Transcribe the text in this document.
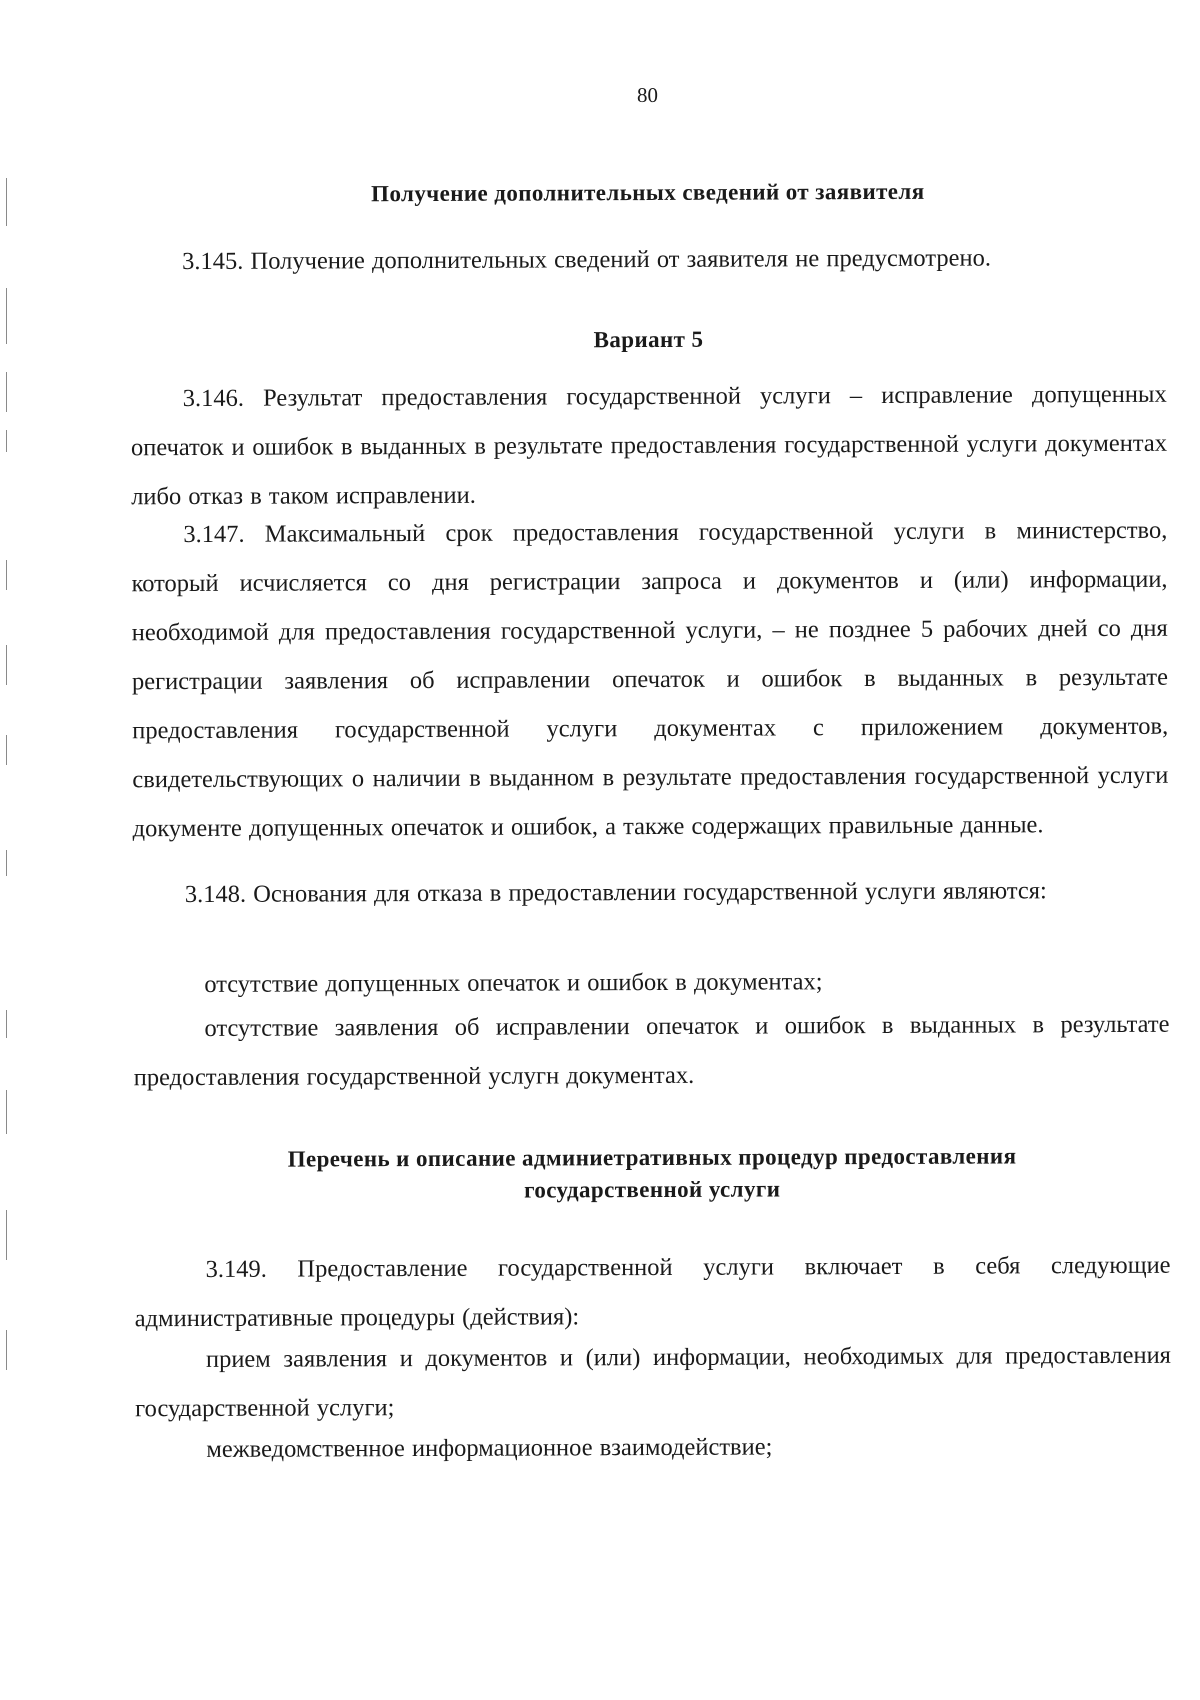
80
Получение дополнительных сведений от заявителя

3.145. Получение дополнительных сведений от заявителя не предусмотрено.

Вариант 5

3.146. Результат предоставления государственной услуги – исправление допущенных опечаток и ошибок в выданных в результате предоставления государственной услуги документах либо отказ в таком исправлении.

3.147. Максимальный срок предоставления государственной услуги в министерство, который исчисляется со дня регистрации запроса и документов и (или) информации, необходимой для предоставления государственной услуги, – не позднее 5 рабочих дней со дня регистрации заявления об исправлении опечаток и ошибок в выданных в результате предоставления государственной услуги документах с приложением документов, свидетельствующих о наличии в выданном в результате предоставления государственной услуги документе допущенных опечаток и ошибок, а также содержащих правильные данные.

3.148. Основания для отказа в предоставлении государственной услуги являются:

отсутствие допущенных опечаток и ошибок в документах;

отсутствие заявления об исправлении опечаток и ошибок в выданных в результате предоставления государственной услугн документах.

Перечень и описание админиетративных процедур предоставления
государственной услуги

3.149. Предоставление государственной услуги включает в себя следующие административные процедуры (действия):

прием заявления и документов и (или) информации, необходимых для предоставления государственной услуги;

межведомственное информационное взаимодействие;
